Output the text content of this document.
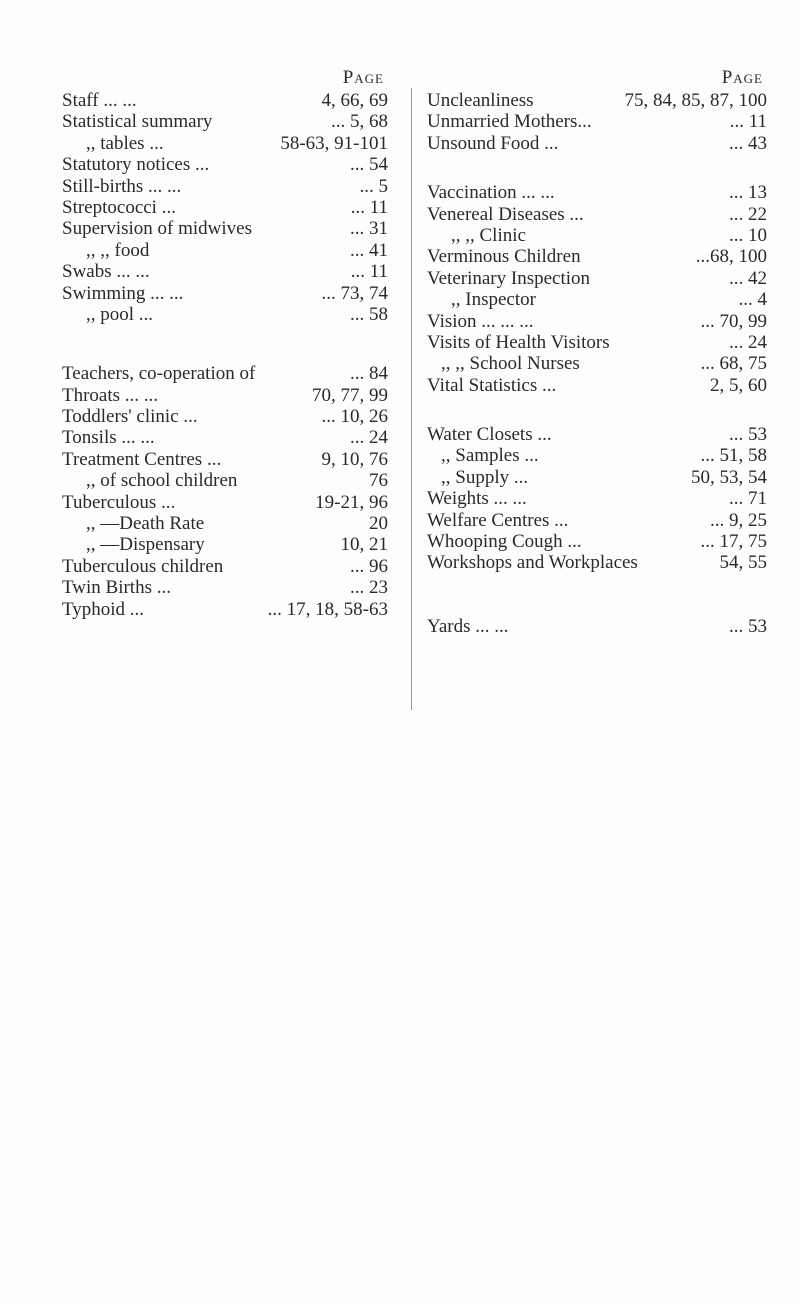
Page
Staff ... ...	4, 66, 69
Statistical summary	... 5, 68
,, tables ...	58-63, 91-101
Statutory notices ...	... 54
Still-births ... ...	... 5
Streptococci ...	... 11
Supervision of midwives	... 31
,, ,, food	... 41
Swabs ... ...	... 11
Swimming ... ...	... 73, 74
,, pool ...	... 58
Teachers, co-operation of	... 84
Throats ... ...	70, 77, 99
Toddlers' clinic ...	... 10, 26
Tonsils ... ...	... 24
Treatment Centres ...	9, 10, 76
,, of school children	76
Tuberculous ...	19-21, 96
,, —Death Rate	20
,, —Dispensary	10, 21
Tuberculous children	... 96
Twin Births ...	... 23
Typhoid ...	... 17, 18, 58-63
Page
Uncleanliness	75, 84, 85, 87, 100
Unmarried Mothers...	... 11
Unsound Food ...	... 43
Vaccination ... ...	... 13
Venereal Diseases ...	... 22
,, ,, Clinic	... 10
Verminous Children	...68, 100
Veterinary Inspection	... 42
,, Inspector	... 4
Vision ... ... ...	... 70, 99
Visits of Health Visitors	... 24
,, ,, School Nurses	... 68, 75
Vital Statistics ...	2, 5, 60
Water Closets ...	... 53
,, Samples ...	... 51, 58
,, Supply ...	50, 53, 54
Weights ... ...	... 71
Welfare Centres ...	... 9, 25
Whooping Cough ...	... 17, 75
Workshops and Workplaces	54, 55
Yards ... ...	... 53
